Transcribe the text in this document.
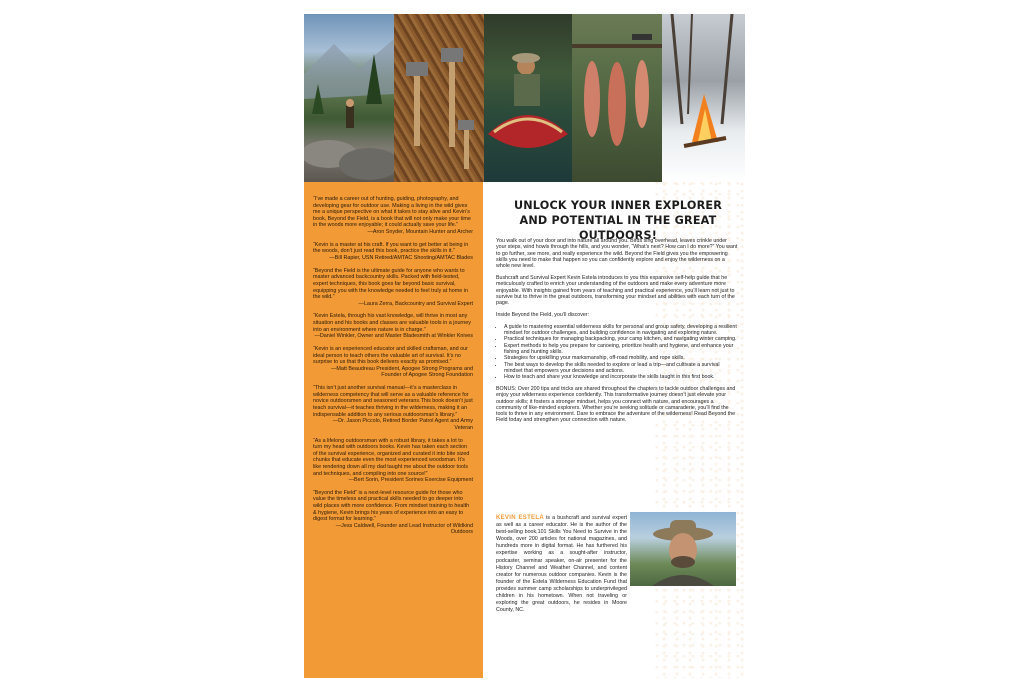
“I’ve made a career out of hunting, guiding, photography, and developing gear for outdoor use. Making a living in the wild gives me a unique perspective on what it takes to stay alive and Kevin’s book, Beyond the Field, is a book that will not only make your time in the woods more enjoyable; it could actually save your life.”
—Aron Snyder, Mountain Hunter and Archer
“Kevin is a master at his craft. If you want to get better at being in the woods, don’t just read this book, practice the skills in it.”
—Bill Rapier, USN Retired/AMTAC Shooting/AMTAC Blades
“Beyond the Field is the ultimate guide for anyone who wants to master advanced backcountry skills. Packed with field-tested, expert techniques, this book goes far beyond basic survival, equipping you with the knowledge needed to feel truly at home in the wild.”
—Laura Zerra, Backcountry and Survival Expert
“Kevin Estela, through his vast knowledge, will thrive in most any situation and his books and classes are valuable tools in a journey into an environment where nature is in charge.”
—Daniel Winkler, Owner and Master Bladesmith at Winkler Knives
“Kevin is an experienced educator and skilled craftsman, and our ideal person to teach others the valuable art of survival. It’s no surprise to us that this book delivers exactly as promised.”
—Matt Beaudreau President, Apogee Strong Programs and Founder of Apogee Strong Foundation
“This isn’t just another survival manual—it’s a masterclass in wilderness competency that will serve as a valuable reference for novice outdoorsmen and seasoned veterans.This book doesn’t just teach survival—it teaches thriving in the wilderness, making it an indispensable addition to any serious outdoorsman’s library.”
—Dr. Jason Piccolo, Retired Border Patrol Agent and Army Veteran
“As a lifelong outdoorsman with a robust library, it takes a lot to turn my head with outdoors books. Kevin has taken each section of the survival experience, organized and curated it into bite sized chunks that educate even the most experienced woodsman. It’s like rendering down all my dad taught me about the outdoor tools and techniques, and compiling into one source!”
—Bert Sorin, President Sorinex Exercise Equipment
“Beyond the Field” is a next-level resource guide for those who value the timeless and practical skills needed to go deeper into wild places with more confidence. From mindset training to health & hygiene, Kevin brings his years of experience into an easy to digest format for learning.”
—Jess Caldwell, Founder and Lead Instructor of Wildkind Outdoors
UNLOCK YOUR INNER EXPLORER AND POTENTIAL IN THE GREAT OUTDOORS!

You walk out of your door and into nature all around you. Birds sing overhead, leaves crinkle under your steps, wind howls through the hills, and you wonder, “What’s next? How can I do more?” You want to go further, see more, and really experience the wild. Beyond the Field gives you the empowering skills you need to make that happen so you can confidently explore and enjoy the wilderness on a whole new level.

Bushcraft and Survival Expert Kevin Estela introduces to you this expansive self-help guide that he meticulously crafted to enrich your understanding of the outdoors and make every adventure more enjoyable. With insights gained from years of teaching and practical experience, you’ll learn not just to survive but to thrive in the great outdoors, transforming your mindset and abilities with each turn of the page.

Inside Beyond the Field, you’ll discover:

• A guide to mastering essential wilderness skills for personal and group safety, developing a resilient mindset for outdoor challenges, and building confidence in navigating and exploring nature.
• Practical techniques for managing backpacking, your camp kitchen, and navigating winter camping.
• Expert methods to help you prepare for canoeing, prioritize health and hygiene, and enhance your fishing and hunting skills.
• Strategies for upskilling your marksmanship, off-road mobility, and rope skills.
• The best ways to develop the skills needed to explore or lead a trip—and cultivate a survival mindset that empowers your decisions and actions.
• How to teach and share your knowledge and incorporate the skills taught in this first book.

BONUS: Over 200 tips and tricks are shared throughout the chapters to tackle outdoor challenges and enjoy your wilderness experience confidently. This transformative journey doesn’t just elevate your outdoor skills; it fosters a stronger mindset, helps you connect with nature, and encourages a community of like-minded explorers. Whether you’re seeking solitude or camaraderie, you’ll find the tools to thrive in any environment. Dare to embrace the adventure of the wilderness! Read Beyond the Field today and strengthen your connection with nature.

KEVIN ESTELA is a bushcraft and survival expert as well as a career educator. He is the author of the best-selling book,101 Skills You Need to Survive in the Woods, over 200 articles for national magazines, and hundreds more in digital format. He has furthered his expertise working as a sought-after instructor, podcaster, seminar speaker, on-air presenter for the History Channel and Weather Channel, and content creator for numerous outdoor companies. Kevin is the founder of the Estela Wilderness Education Fund that provides summer camp scholarships to underprivileged children in his hometown. When not traveling or exploring the great outdoors, he resides in Moore County, NC.
